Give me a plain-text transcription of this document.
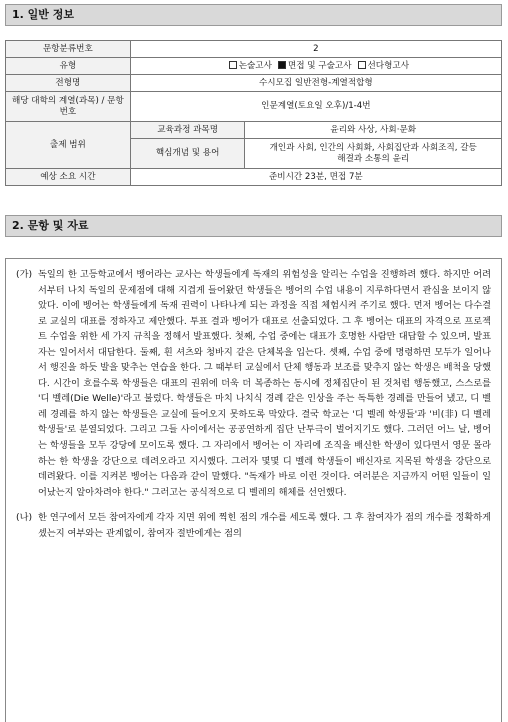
1. 일반 정보
문항분류번호	2	
유형	논술고사 면접 및 구술고사 선다형고사	
전형명	수시모집 일반전형-계열적합형	
해당 대학의 계열(과목) / 문항번호	인문계열(토요일 오후)/1-4번	
출제 범위	교육과정 과목명	윤리와 사상, 사회·문화
	핵심개념 및 용어	개인과 사회, 인간의 사회화, 사회집단과 사회조직, 갈등해결과 소통의 윤리
예상 소요 시간	준비시간 23분, 면접 7분	
2. 문항 및 자료
(가) 독일의 한 고등학교에서 벵어라는 교사는 학생들에게 독재의 위험성을 알리는 수업을 진행하려 했다. 하지만 어려서부터 나치 독일의 문제점에 대해 지겹게 들어왔던 학생들은 벵어의 수업 내용이 지루하다면서 관심을 보이지 않았다. 이에 벵어는 학생들에게 독재 권력이 나타나게 되는 과정을 직접 체험시켜 주기로 했다. 먼저 벵어는 다수결로 교실의 대표를 정하자고 제안했다. 투표 결과 벵어가 대표로 선출되었다. 그 후 벵어는 대표의 자격으로 프로젝트 수업을 위한 세 가지 규칙을 정해서 발표했다. 첫째, 수업 중에는 대표가 호명한 사람만 대답할 수 있으며, 발표자는 일어서서 대답한다. 둘째, 흰 셔츠와 청바지 같은 단체복을 입는다. 셋째, 수업 중에 명령하면 모두가 일어나서 행진을 하듯 발을 맞추는 연습을 한다. 그 때부터 교실에서 단체 행동과 보조를 맞추지 않는 학생은 배척을 당했다. 시간이 흐를수록 학생들은 대표의 권위에 더욱 더 복종하는 동시에 정체집단이 된 것처럼 행동했고, 스스로를 '디 벨레(Die Welle)'라고 불렀다. 학생들은 마치 나치식 경례 같은 인상을 주는 독특한 경례를 만들어 냈고, 디 벨레 경례를 하지 않는 학생들은 교실에 들어오지 못하도록 막았다. 결국 학교는 '디 벨레 학생들'과 '비(非) 디 벨레 학생들'로 분열되었다. 그리고 그들 사이에서는 공공연하게 집단 난투극이 벌어지기도 했다. 그러던 어느 날, 벵어는 학생들을 모두 강당에 모이도록 했다. 그 자리에서 벵어는 이 자리에 조직을 배신한 학생이 있다면서 영문 몰라 하는 한 학생을 강단으로 데려오라고 지시했다. 그러자 몇몇 디 벨레 학생들이 배신자로 지목된 학생을 강단으로 데려왔다. 이를 지켜본 벵어는 다음과 같이 말했다. "독재가 바로 이런 것이다. 여러분은 지금까지 어떤 일들이 일어났는지 알아차려야 한다." 그러고는 공식적으로 디 벨레의 해체를 선언했다.
(나) 한 연구에서 모든 참여자에게 각자 지면 위에 찍힌 점의 개수를 세도록 했다. 그 후 참여자가 점의 개수를 정확하게 셌는지 여부와는 관계없이, 참여자 절반에게는 점의
